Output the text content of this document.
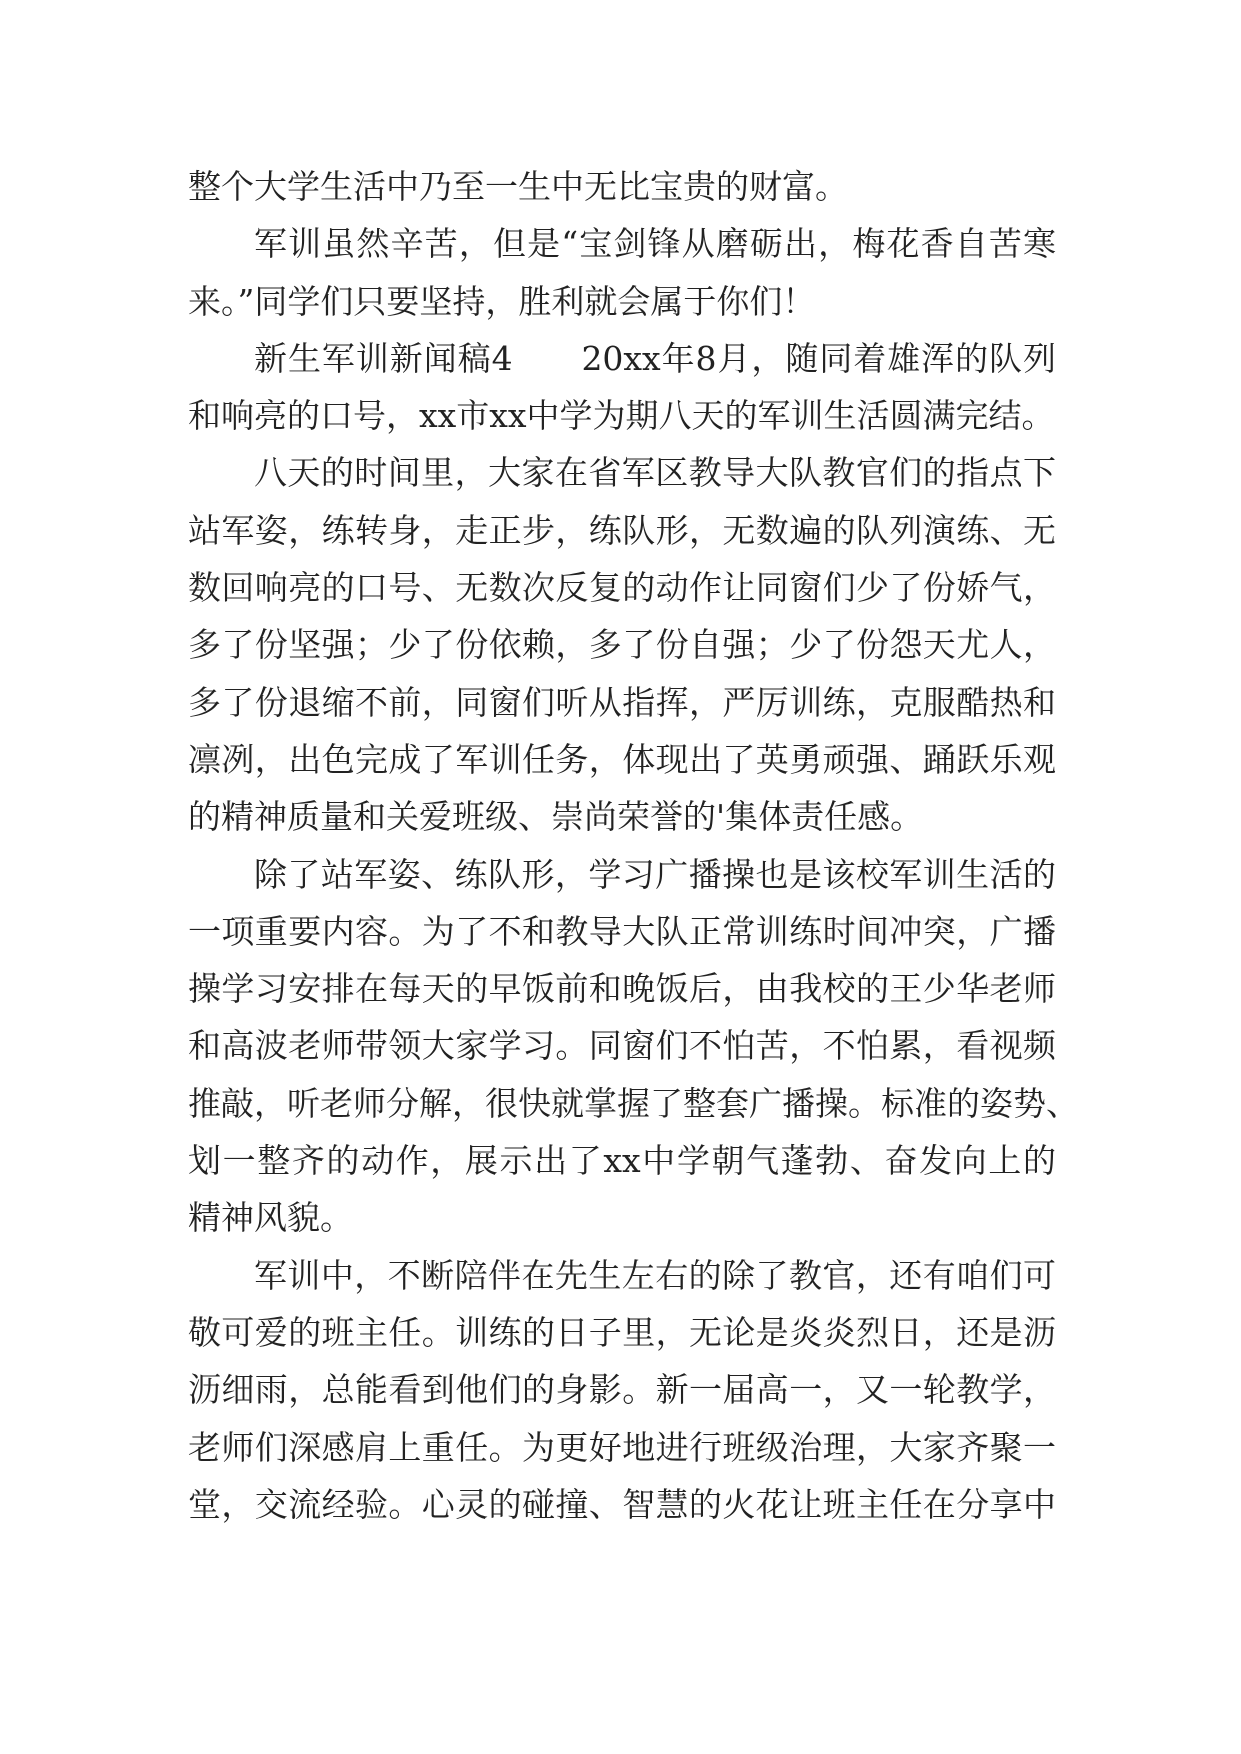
整个大学生活中乃至一生中无比宝贵的财富。
军训虽然辛苦，但是“宝剑锋从磨砺出，梅花香自苦寒
来。”同学们只要坚持，胜利就会属于你们！
新生军训新闻稿4　　20xx年8月，随同着雄浑的队列
和响亮的口号，xx市xx中学为期八天的军训生活圆满完结。
八天的时间里，大家在省军区教导大队教官们的指点下
站军姿，练转身，走正步，练队形，无数遍的队列演练、无
数回响亮的口号、无数次反复的动作让同窗们少了份娇气，
多了份坚强；少了份依赖，多了份自强；少了份怨天尤人，
多了份退缩不前，同窗们听从指挥，严厉训练，克服酷热和
凛冽，出色完成了军训任务，体现出了英勇顽强、踊跃乐观
的精神质量和关爱班级、崇尚荣誉的'集体责任感。
除了站军姿、练队形，学习广播操也是该校军训生活的
一项重要内容。为了不和教导大队正常训练时间冲突，广播
操学习安排在每天的早饭前和晚饭后，由我校的王少华老师
和高波老师带领大家学习。同窗们不怕苦，不怕累，看视频
推敲，听老师分解，很快就掌握了整套广播操。标准的姿势、
划一整齐的动作，展示出了xx中学朝气蓬勃、奋发向上的
精神风貌。
军训中，不断陪伴在先生左右的除了教官，还有咱们可
敬可爱的班主任。训练的日子里，无论是炎炎烈日，还是沥
沥细雨，总能看到他们的身影。新一届高一，又一轮教学，
老师们深感肩上重任。为更好地进行班级治理，大家齐聚一
堂，交流经验。心灵的碰撞、智慧的火花让班主任在分享中
